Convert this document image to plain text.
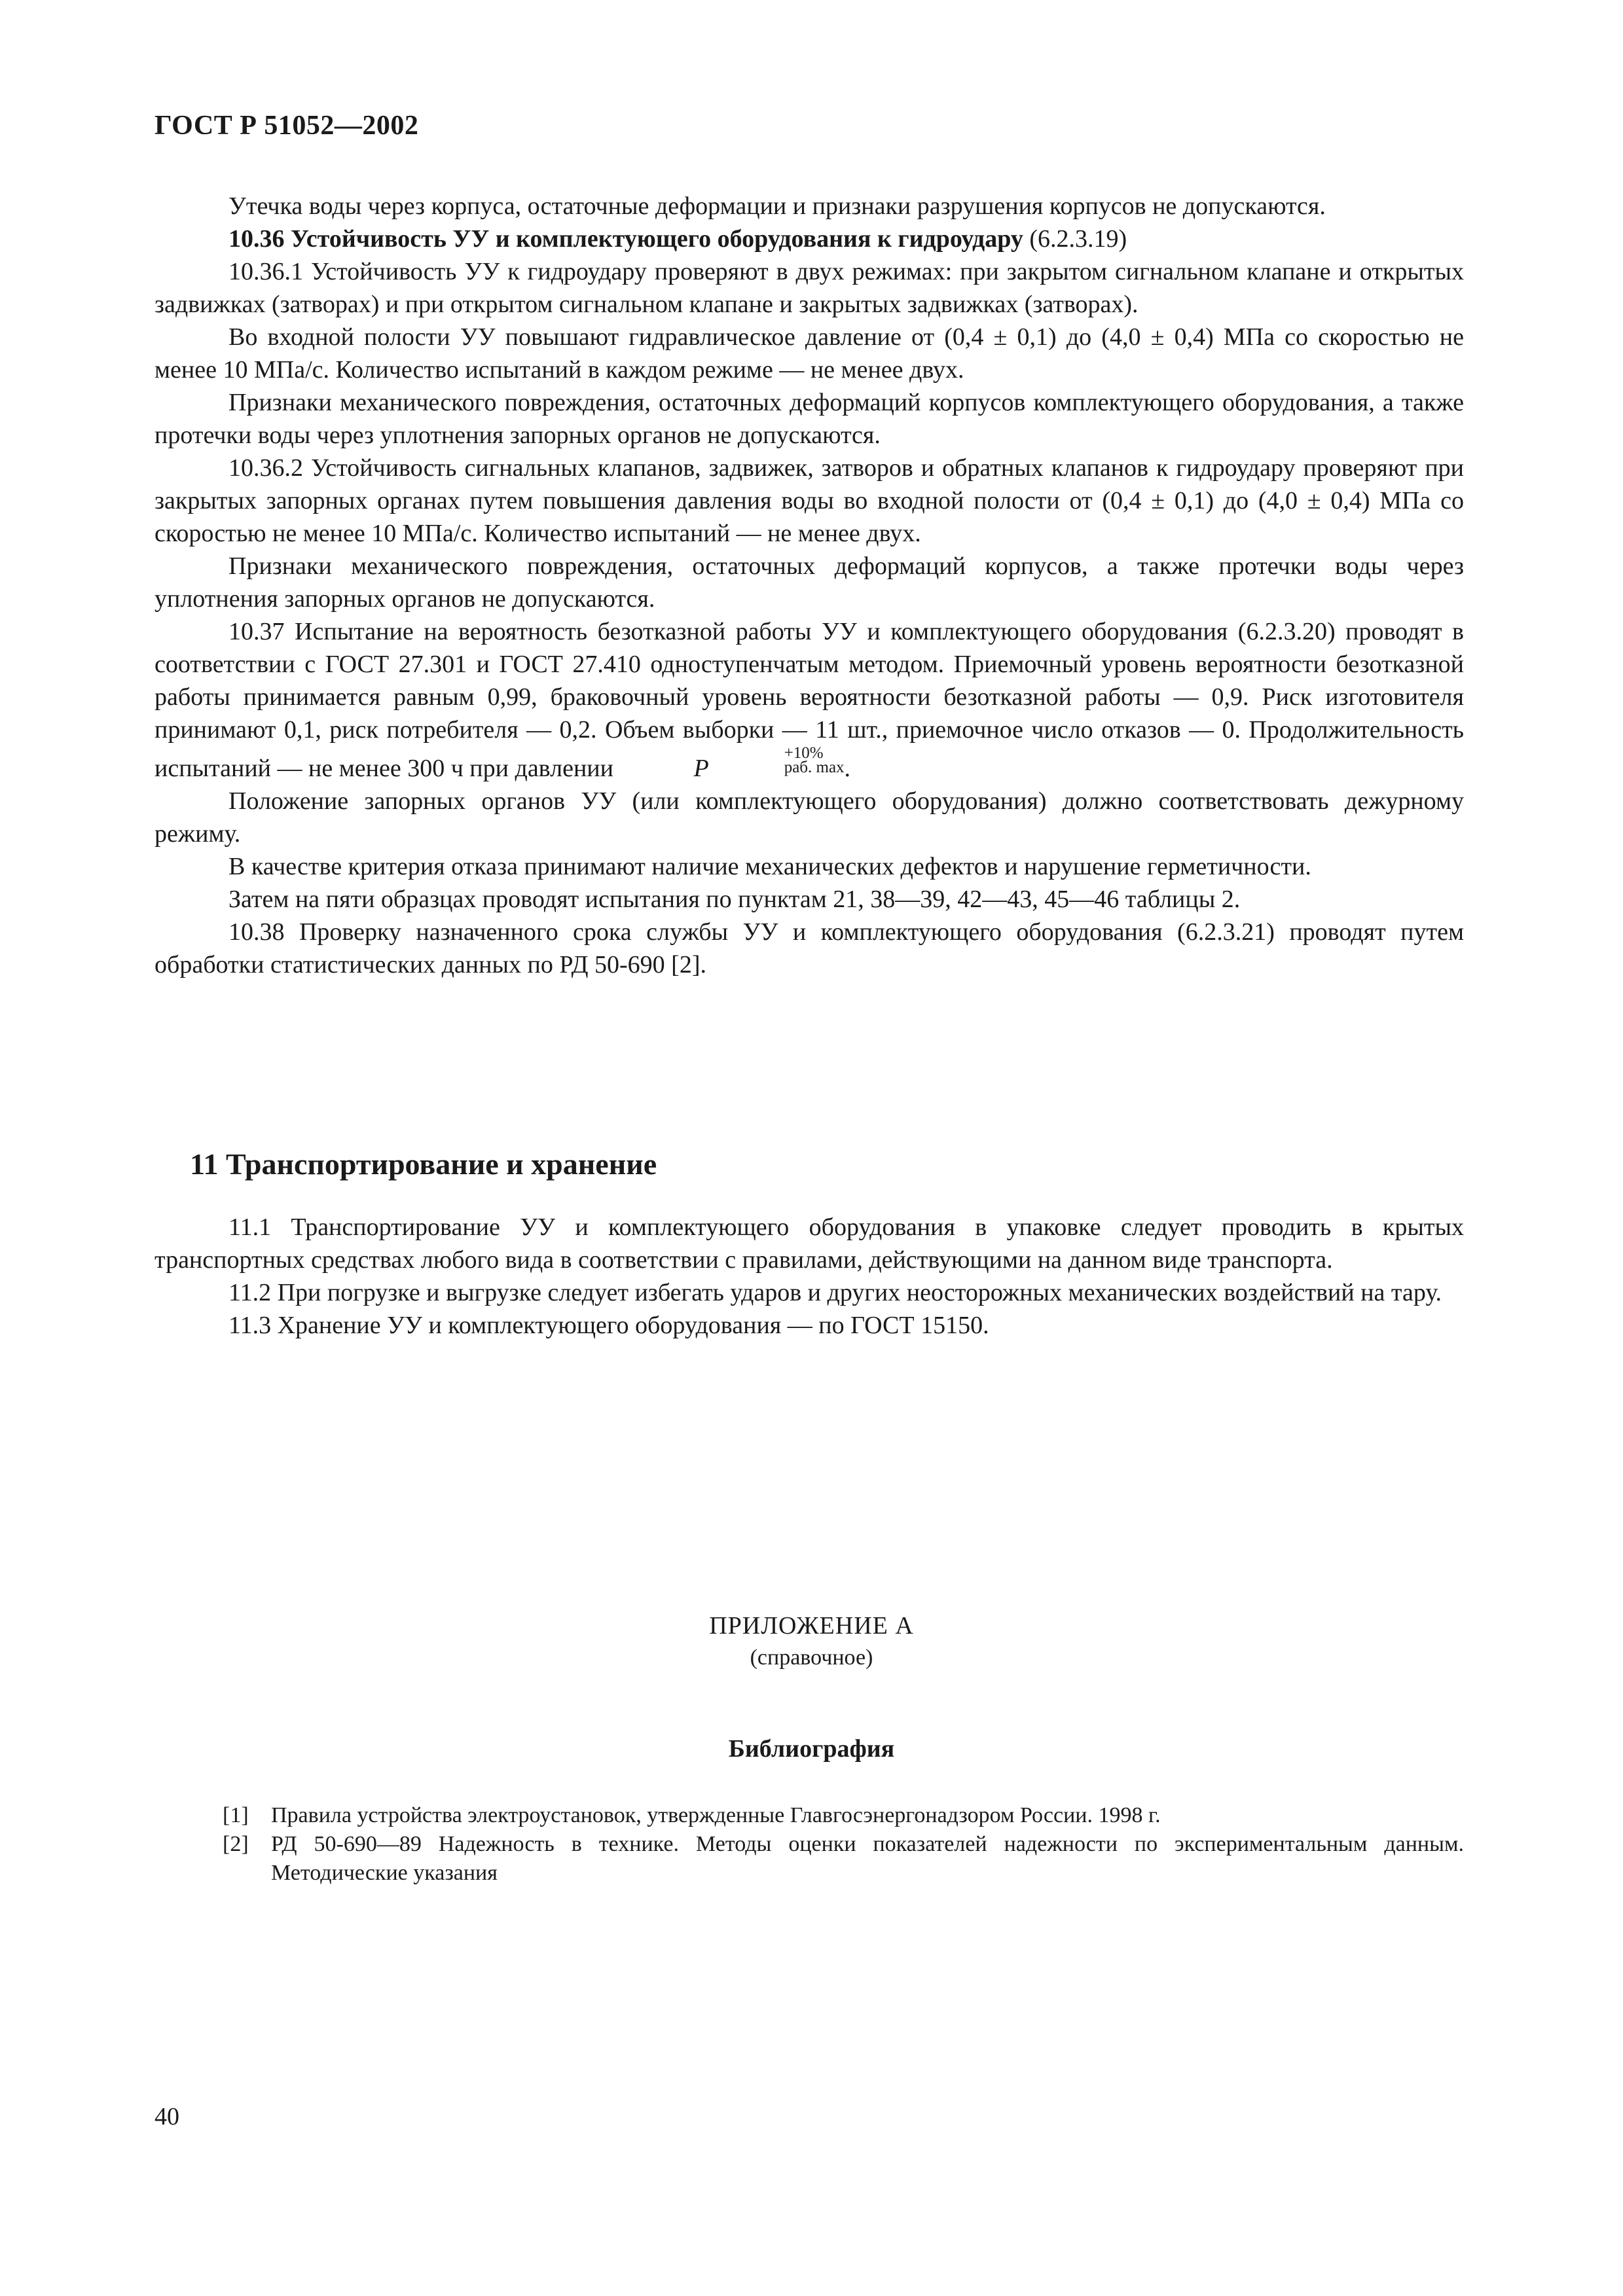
ГОСТ Р 51052—2002

Утечка воды через корпуса, остаточные деформации и признаки разрушения корпусов не допускаются.

10.36 Устойчивость УУ и комплектующего оборудования к гидроудару (6.2.3.19)

10.36.1 Устойчивость УУ к гидроудару проверяют в двух режимах: при закрытом сигнальном клапане и открытых задвижках (затворах) и при открытом сигнальном клапане и закрытых задвижках (затворах).

Во входной полости УУ повышают гидравлическое давление от (0,4 ± 0,1) до (4,0 ± 0,4) МПа со скоростью не менее 10 МПа/с. Количество испытаний в каждом режиме — не менее двух.

Признаки механического повреждения, остаточных деформаций корпусов комплектующего оборудования, а также протечки воды через уплотнения запорных органов не допускаются.

10.36.2 Устойчивость сигнальных клапанов, задвижек, затворов и обратных клапанов к гидроудару проверяют при закрытых запорных органах путем повышения давления воды во входной полости от (0,4 ± 0,1) до (4,0 ± 0,4) МПа со скоростью не менее 10 МПа/с. Количество испытаний — не менее двух.

Признаки механического повреждения, остаточных деформаций корпусов, а также протечки воды через уплотнения запорных органов не допускаются.

10.37 Испытание на вероятность безотказной работы УУ и комплектующего оборудования (6.2.3.20) проводят в соответствии с ГОСТ 27.301 и ГОСТ 27.410 одноступенчатым методом. Приемочный уровень вероятности безотказной работы принимается равным 0,99, браковочный уровень вероятности безотказной работы — 0,9. Риск изготовителя принимают 0,1, риск потребителя — 0,2. Объем выборки — 11 шт., приемочное число отказов — 0. Продолжительность испытаний — не менее 300 ч при давлении	P
+10%
раб. max .

Положение запорных органов УУ (или комплектующего оборудования) должно соответствовать дежурному режиму.

В качестве критерия отказа принимают наличие механических дефектов и нарушение герметичности.

Затем на пяти образцах проводят испытания по пунктам 21, 38—39, 42—43, 45—46 таблицы 2.

10.38 Проверку назначенного срока службы УУ и комплектующего оборудования (6.2.3.21) проводят путем обработки статистических данных по РД 50-690 [2].

11 Транспортирование и хранение

11.1 Транспортирование УУ и комплектующего оборудования в упаковке следует проводить в крытых транспортных средствах любого вида в соответствии с правилами, действующими на данном виде транспорта.

11.2 При погрузке и выгрузке следует избегать ударов и других неосторожных механических воздействий на тару.

11.3 Хранение УУ и комплектующего оборудования — по ГОСТ 15150.

ПРИЛОЖЕНИЕ А
(справочное)
Библиография
[1]	Правила устройства электроустановок, утвержденные Главгосэнергонадзором России. 1998 г.
[2]	РД 50-690—89 Надежность в технике. Методы оценки показателей надежности по экспериментальным данным. Методические указания
40
